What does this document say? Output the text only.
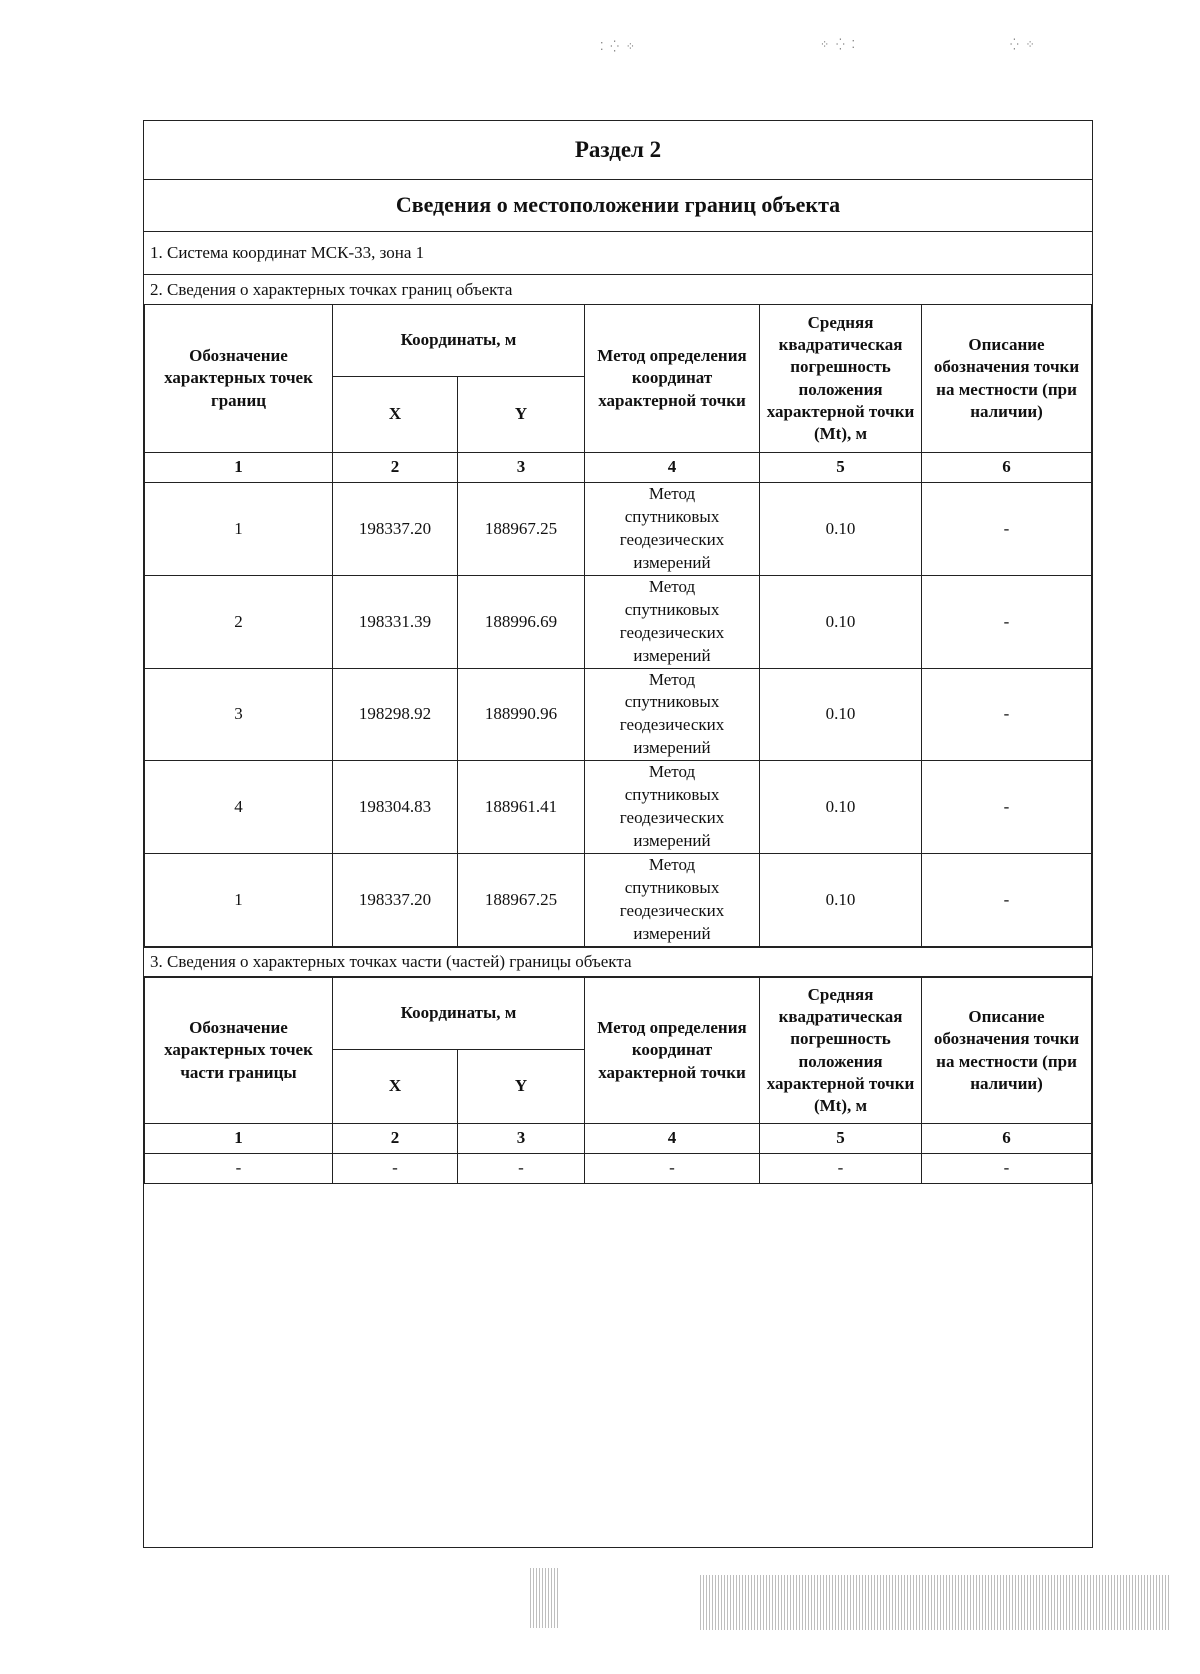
⁚ ⁛ ⁘	⁘ ⁛ ⁚	⁛ ⁘
Раздел 2
Сведения о местоположении границ объекта
1. Система координат МСК-33, зона 1
2. Сведения о характерных точках границ объекта
Обозначение характерных точек границ	Координаты, м		Метод определения координат характерной точки	Средняя квадратическая погрешность положения характерной точки (Mt), м	Описание обозначения точки на местности (при наличии)
	X	Y			
1	2	3	4	5	6
1	198337.20	188967.25	Метод
спутниковых
геодезических
измерений	0.10	-
2	198331.39	188996.69	Метод
спутниковых
геодезических
измерений	0.10	-
3	198298.92	188990.96	Метод
спутниковых
геодезических
измерений	0.10	-
4	198304.83	188961.41	Метод
спутниковых
геодезических
измерений	0.10	-
1	198337.20	188967.25	Метод
спутниковых
геодезических
измерений	0.10	-
3. Сведения о характерных точках части (частей) границы объекта
Обозначение характерных точек части границы	Координаты, м		Метод определения координат характерной точки	Средняя квадратическая погрешность положения характерной точки (Mt), м	Описание обозначения точки на местности (при наличии)
	X	Y			
1	2	3	4	5	6
-	-	-	-	-	-
